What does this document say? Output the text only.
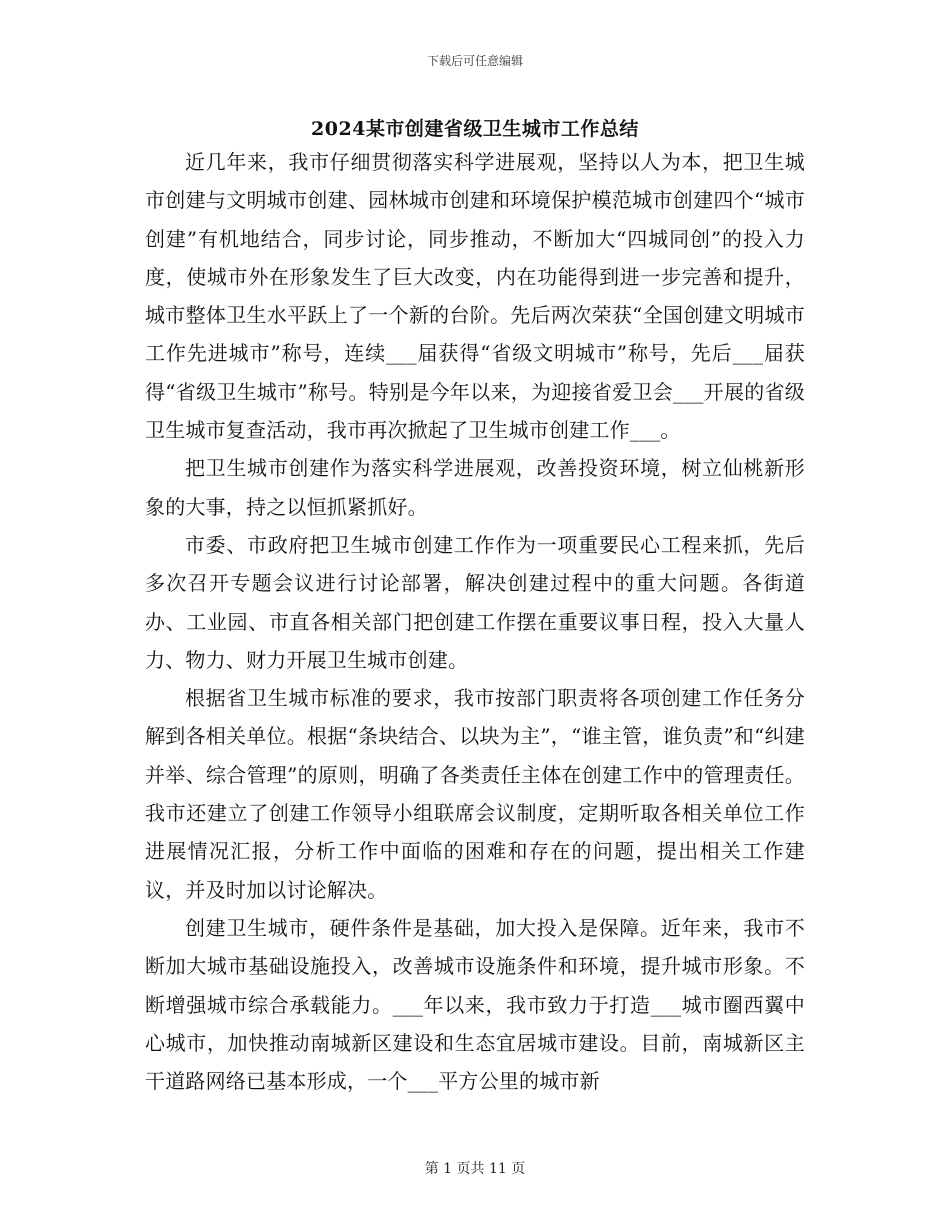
下载后可任意编辑
2024某市创建省级卫生城市工作总结

近几年来，我市仔细贯彻落实科学进展观，坚持以人为本，把卫生城市创建与文明城市创建、园林城市创建和环境保护模范城市创建四个“城市创建”有机地结合，同步讨论，同步推动，不断加大“四城同创”的投入力度，使城市外在形象发生了巨大改变，内在功能得到进一步完善和提升，城市整体卫生水平跃上了一个新的台阶。先后两次荣获“全国创建文明城市工作先进城市”称号，连续___届获得“省级文明城市”称号，先后___届获得“省级卫生城市”称号。特别是今年以来，为迎接省爱卫会___开展的省级卫生城市复查活动，我市再次掀起了卫生城市创建工作___。

把卫生城市创建作为落实科学进展观，改善投资环境，树立仙桃新形象的大事，持之以恒抓紧抓好。

市委、市政府把卫生城市创建工作作为一项重要民心工程来抓，先后多次召开专题会议进行讨论部署，解决创建过程中的重大问题。各街道办、工业园、市直各相关部门把创建工作摆在重要议事日程，投入大量人力、物力、财力开展卫生城市创建。

根据省卫生城市标准的要求，我市按部门职责将各项创建工作任务分解到各相关单位。根据“条块结合、以块为主”，“谁主管，谁负责”和“纠建并举、综合管理”的原则，明确了各类责任主体在创建工作中的管理责任。我市还建立了创建工作领导小组联席会议制度，定期听取各相关单位工作进展情况汇报，分析工作中面临的困难和存在的问题，提出相关工作建议，并及时加以讨论解决。

创建卫生城市，硬件条件是基础，加大投入是保障。近年来，我市不断加大城市基础设施投入，改善城市设施条件和环境，提升城市形象。不断增强城市综合承载能力。___年以来，我市致力于打造___城市圈西翼中心城市，加快推动南城新区建设和生态宜居城市建设。目前，南城新区主干道路网络已基本形成，一个___平方公里的城市新

第 1 页共 11 页
